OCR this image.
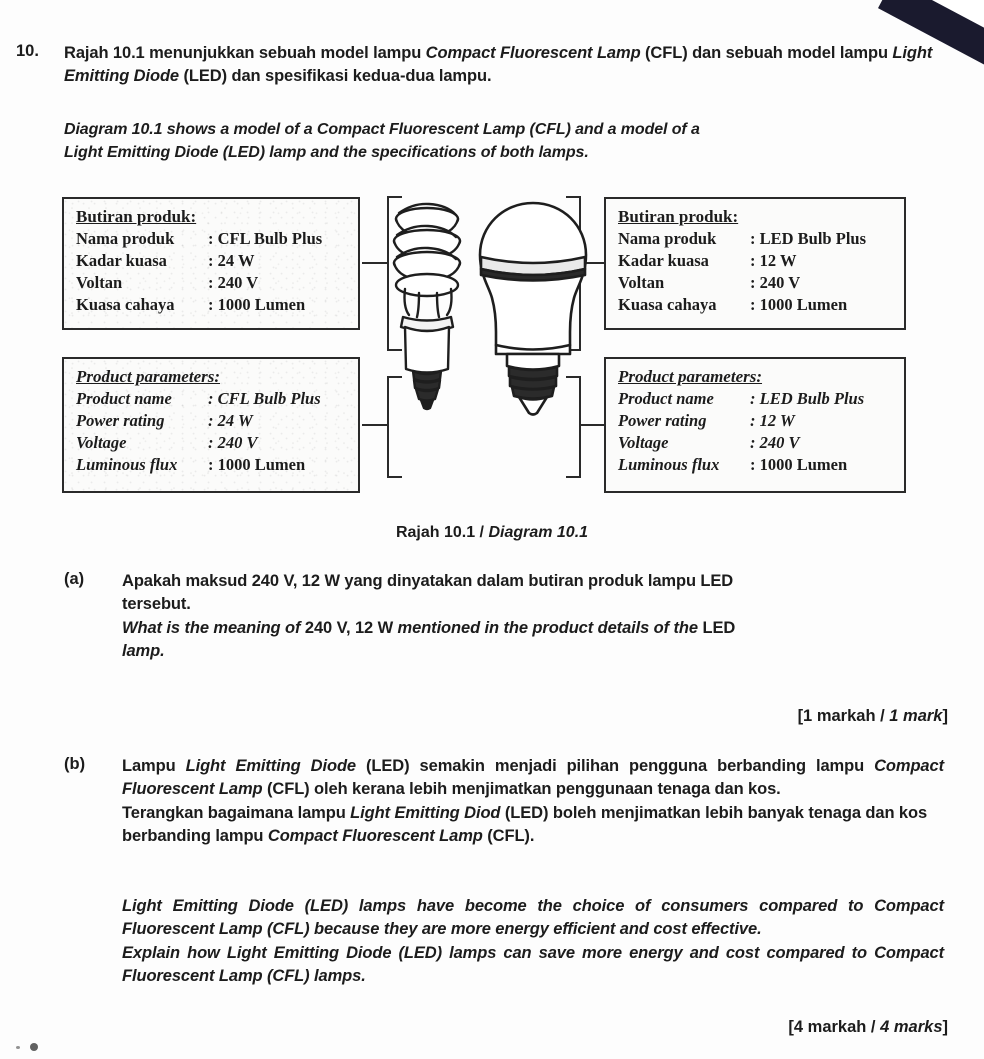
10. Rajah 10.1 menunjukkan sebuah model lampu Compact Fluorescent Lamp (CFL) dan sebuah model lampu Light Emitting Diode (LED) dan spesifikasi kedua-dua lampu.
Diagram 10.1 shows a model of a Compact Fluorescent Lamp (CFL) and a model of a
Light Emitting Diode (LED) lamp and the specifications of both lamps.
Butiran produk:
Nama produk	: CFL Bulb Plus
Kadar kuasa	: 24 W
Voltan	: 240 V
Kuasa cahaya	: 1000 Lumen
Product parameters:
Product name	: CFL Bulb Plus
Power rating	: 24 W
Voltage	: 240 V
Luminous flux	: 1000 Lumen
Butiran produk:
Nama produk	: LED Bulb Plus
Kadar kuasa	: 12 W
Voltan	: 240 V
Kuasa cahaya	: 1000 Lumen
Product parameters:
Product name	: LED Bulb Plus
Power rating	: 12 W
Voltage	: 240 V
Luminous flux	: 1000 Lumen
Rajah 10.1 / Diagram 10.1
(a) Apakah maksud 240 V, 12 W yang dinyatakan dalam butiran produk lampu LED

tersebut.

What is the meaning of 240 V, 12 W mentioned in the product details of the LED

lamp.

[1 markah / 1 mark]
(b) Lampu Light Emitting Diode (LED) semakin menjadi pilihan pengguna berbanding lampu Compact Fluorescent Lamp (CFL) oleh kerana lebih menjimatkan penggunaan tenaga dan kos.

Terangkan bagaimana lampu Light Emitting Diod (LED) boleh menjimatkan lebih banyak tenaga dan kos berbanding lampu Compact Fluorescent Lamp (CFL).

Light Emitting Diode (LED) lamps have become the choice of consumers compared to Compact Fluorescent Lamp (CFL) because they are more energy efficient and cost effective.

Explain how Light Emitting Diode (LED) lamps can save more energy and cost compared to Compact Fluorescent Lamp (CFL) lamps.

[4 markah / 4 marks]
